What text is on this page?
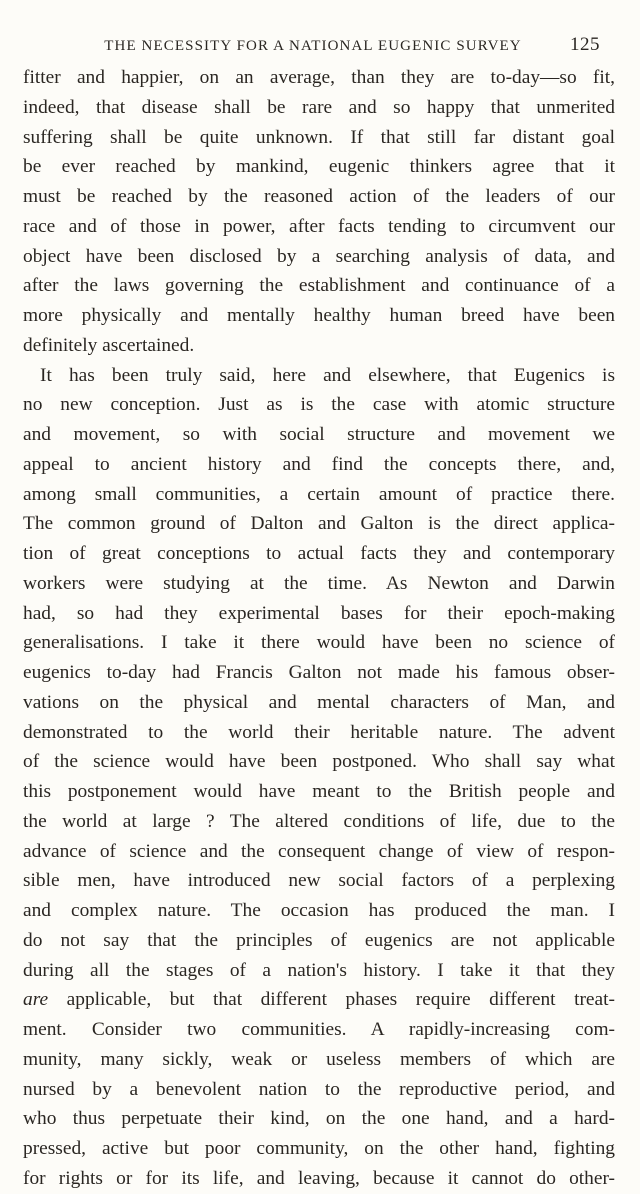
THE NECESSITY FOR A NATIONAL EUGENIC SURVEY	125
fitter and happier, on an average, than they are to-day—so fit,
indeed, that disease shall be rare and so happy that unmerited
suffering shall be quite unknown. If that still far distant goal
be ever reached by mankind, eugenic thinkers agree that it
must be reached by the reasoned action of the leaders of our
race and of those in power, after facts tending to circumvent our
object have been disclosed by a searching analysis of data, and
after the laws governing the establishment and continuance of a
more physically and mentally healthy human breed have been
definitely ascertained.
It has been truly said, here and elsewhere, that Eugenics is
no new conception. Just as is the case with atomic structure
and movement, so with social structure and movement we
appeal to ancient history and find the concepts there, and,
among small communities, a certain amount of practice there.
The common ground of Dalton and Galton is the direct applica-
tion of great conceptions to actual facts they and contemporary
workers were studying at the time. As Newton and Darwin
had, so had they experimental bases for their epoch-making
generalisations. I take it there would have been no science of
eugenics to-day had Francis Galton not made his famous obser-
vations on the physical and mental characters of Man, and
demonstrated to the world their heritable nature. The advent
of the science would have been postponed. Who shall say what
this postponement would have meant to the British people and
the world at large ? The altered conditions of life, due to the
advance of science and the consequent change of view of respon-
sible men, have introduced new social factors of a perplexing
and complex nature. The occasion has produced the man. I
do not say that the principles of eugenics are not applicable
during all the stages of a nation's history. I take it that they
are applicable, but that different phases require different treat-
ment. Consider two communities. A rapidly-increasing com-
munity, many sickly, weak or useless members of which are
nursed by a benevolent nation to the reproductive period, and
who thus perpetuate their kind, on the one hand, and a hard-
pressed, active but poor community, on the other hand, fighting
for rights or for its life, and leaving, because it cannot do other-
